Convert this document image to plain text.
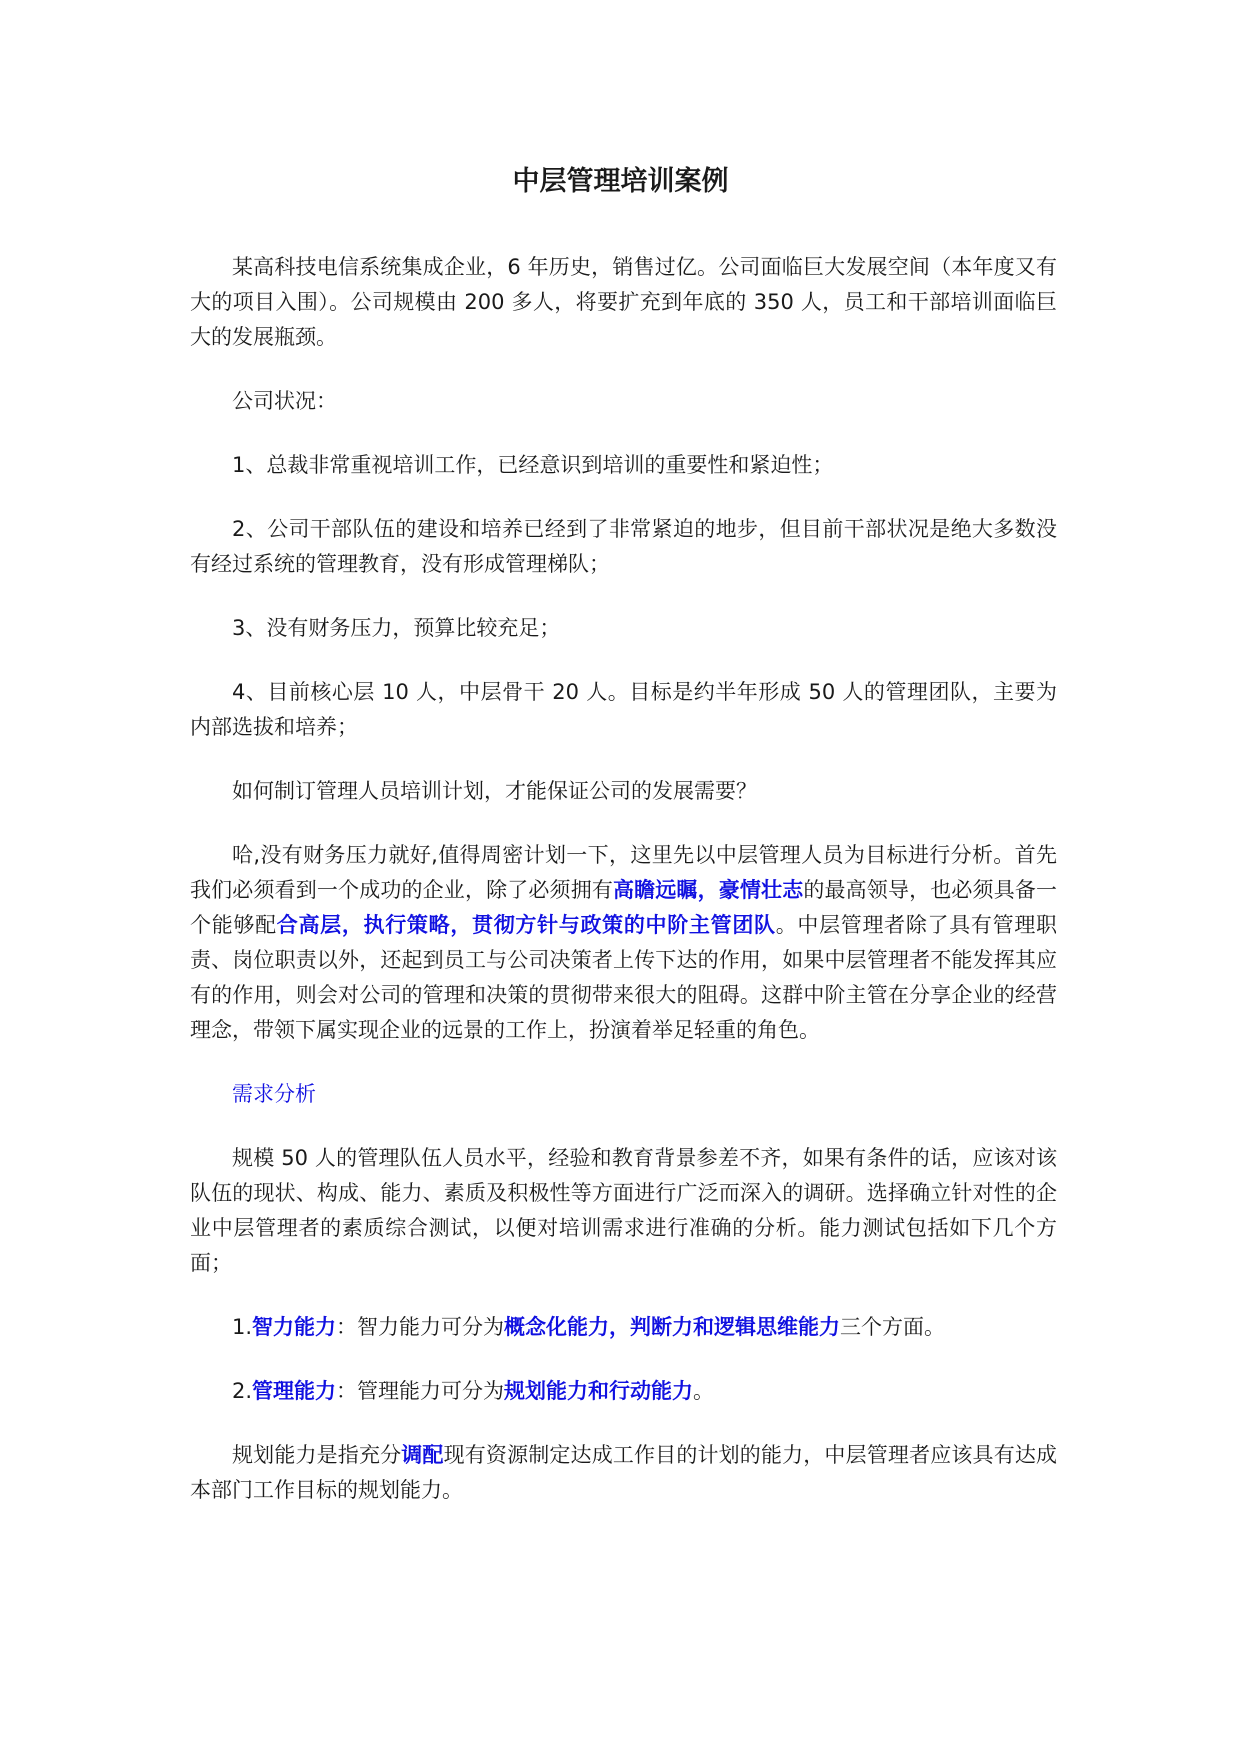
中层管理培训案例

某高科技电信系统集成企业，6 年历史，销售过亿。公司面临巨大发展空间（本年度又有大的项目入围）。公司规模由 200 多人，将要扩充到年底的 350 人，员工和干部培训面临巨大的发展瓶颈。

公司状况：

1、总裁非常重视培训工作，已经意识到培训的重要性和紧迫性；

2、公司干部队伍的建设和培养已经到了非常紧迫的地步，但目前干部状况是绝大多数没有经过系统的管理教育，没有形成管理梯队；

3、没有财务压力，预算比较充足；

4、目前核心层 10 人，中层骨干 20 人。目标是约半年形成 50 人的管理团队，主要为内部选拔和培养；

如何制订管理人员培训计划，才能保证公司的发展需要？

哈,没有财务压力就好,值得周密计划一下，这里先以中层管理人员为目标进行分析。首先我们必须看到一个成功的企业，除了必须拥有高瞻远瞩，豪情壮志的最高领导，也必须具备一个能够配合高层，执行策略，贯彻方针与政策的中阶主管团队。中层管理者除了具有管理职责、岗位职责以外，还起到员工与公司决策者上传下达的作用，如果中层管理者不能发挥其应有的作用，则会对公司的管理和决策的贯彻带来很大的阻碍。这群中阶主管在分享企业的经营理念，带领下属实现企业的远景的工作上，扮演着举足轻重的角色。

需求分析

规模 50 人的管理队伍人员水平，经验和教育背景参差不齐，如果有条件的话，应该对该队伍的现状、构成、能力、素质及积极性等方面进行广泛而深入的调研。选择确立针对性的企业中层管理者的素质综合测试，以便对培训需求进行准确的分析。能力测试包括如下几个方面；

1.智力能力：智力能力可分为概念化能力，判断力和逻辑思维能力三个方面。

2.管理能力：管理能力可分为规划能力和行动能力。

规划能力是指充分调配现有资源制定达成工作目的计划的能力，中层管理者应该具有达成本部门工作目标的规划能力。
